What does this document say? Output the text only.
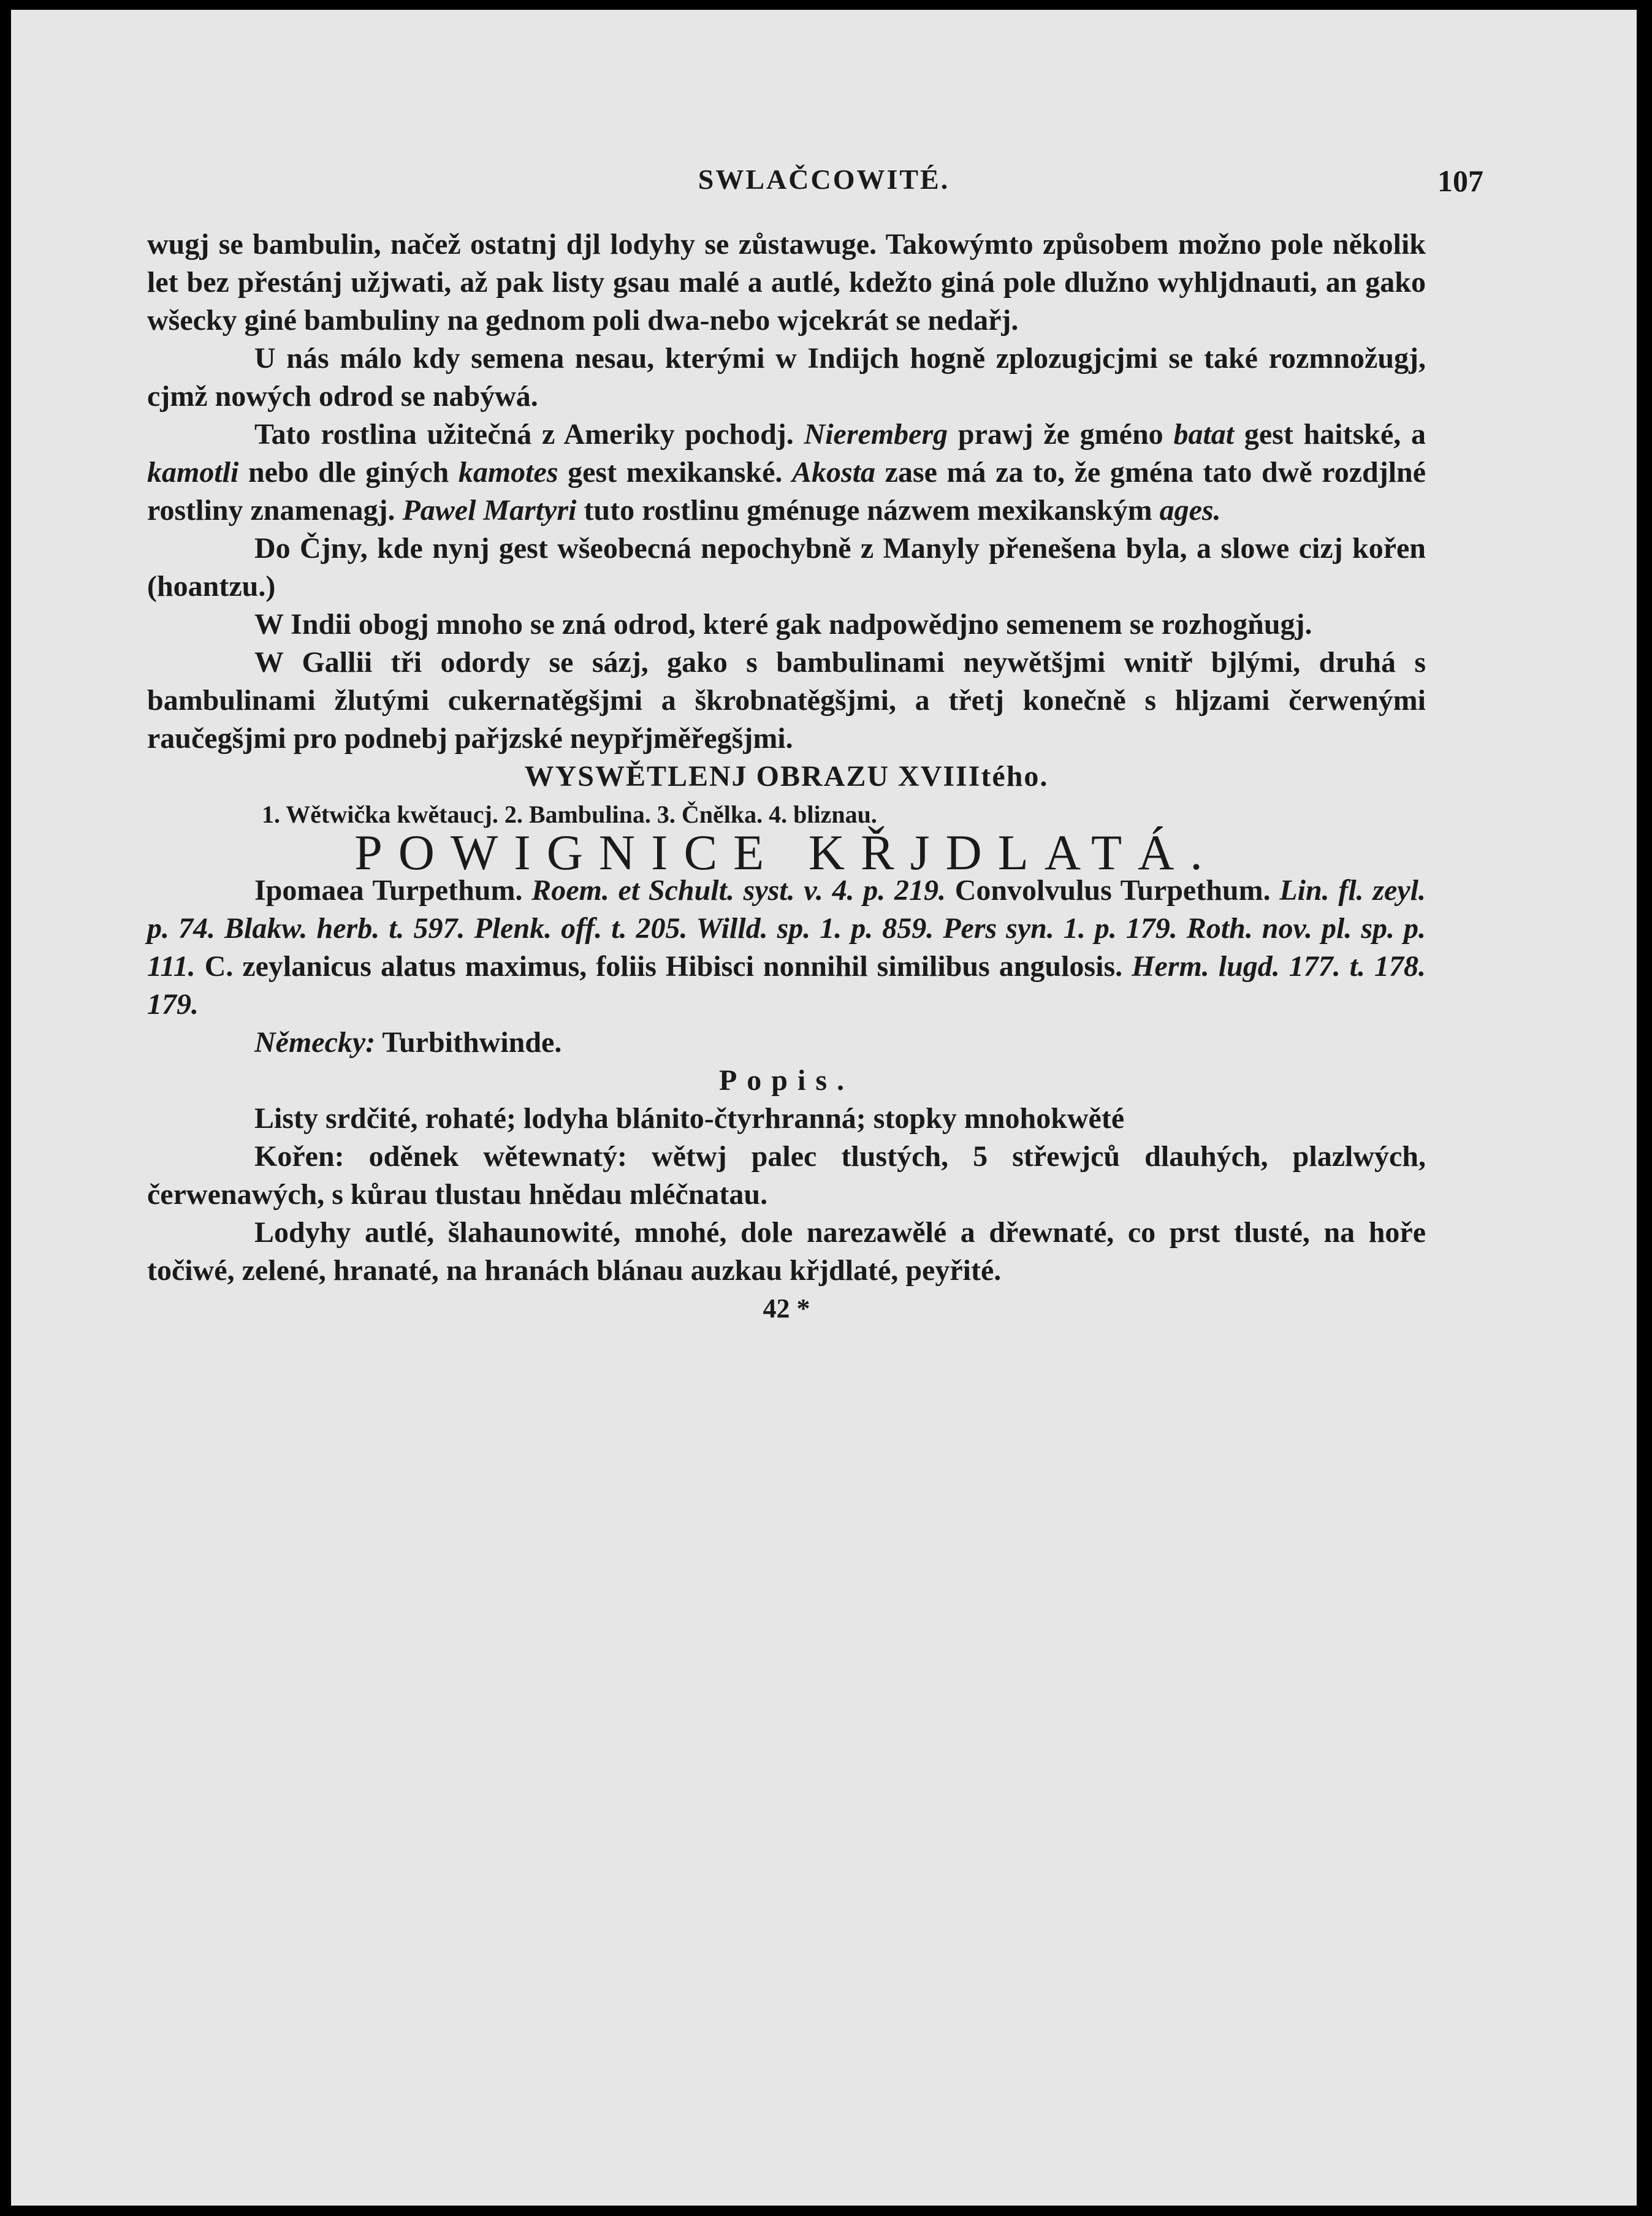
SWLAČCOWITÉ.	107

wugj se bambulin, načež ostatnj djl lodyhy se zůstawuge. Takowýmto způsobem možno pole několik let bez přestánj užjwati, až pak listy gsau malé a autlé, kdežto giná pole dlužno wyhljdnauti, an gako wšecky giné bambuliny na gednom poli dwa-nebo wjcekrát se nedařj.

U nás málo kdy semena nesau, kterými w Indijch hogně zplozugjcjmi se také rozmnožugj, cjmž nowých odrod se nabýwá.

Tato rostlina užitečná z Ameriky pochodj. Nieremberg prawj že gméno batat gest haitské, a kamotli nebo dle giných kamotes gest mexikanské. Akosta zase má za to, že gména tato dwě rozdjlné rostliny znamenagj. Pawel Martyri tuto rostlinu gménuge názwem mexikanským ages.

Do Čjny, kde nynj gest wšeobecná nepochybně z Manyly přenešena byla, a slowe cizj kořen (hoantzu.)

W Indii obogj mnoho se zná odrod, které gak nadpowědjno semenem se rozhogňugj.

W Gallii tři odordy se sázj, gako s bambulinami neywětšjmi wnitř bjlými, druhá s bambulinami žlutými cukernatěgšjmi a škrobnatěgšjmi, a třetj konečně s hljzami čerwenými raučegšjmi pro podnebj pařjzské neypřjměřegšjmi.

WYSWĚTLENJ OBRAZU XVIIItého.

1. Wětwička kwětaucj. 2. Bambulina. 3. Čnělka. 4. bliznau.

POWIGNICE KŘJDLATÁ.

Ipomaea Turpethum. Roem. et Schult. syst. v. 4. p. 219. Convolvulus Turpethum. Lin. fl. zeyl. p. 74. Blakw. herb. t. 597. Plenk. off. t. 205. Willd. sp. 1. p. 859. Pers syn. 1. p. 179. Roth. nov. pl. sp. p. 111. C. zeylanicus alatus maximus, foliis Hibisci nonnihil similibus angulosis. Herm. lugd. 177. t. 178. 179.

Německy: Turbithwinde.

Popis.

Listy srdčité, rohaté; lodyha blánito-čtyrhranná; stopky mnohokwěté

Kořen: oděnek wětewnatý: wětwj palec tlustých, 5 střewjců dlauhých, plazlwých, čerwenawých, s kůrau tlustau hnědau mléčnatau.

Lodyhy autlé, šlahaunowité, mnohé, dole narezawělé a dřewnaté, co prst tlusté, na hoře točiwé, zelené, hranaté, na hranách blánau auzkau křjdlaté, peyřité.

42 *
